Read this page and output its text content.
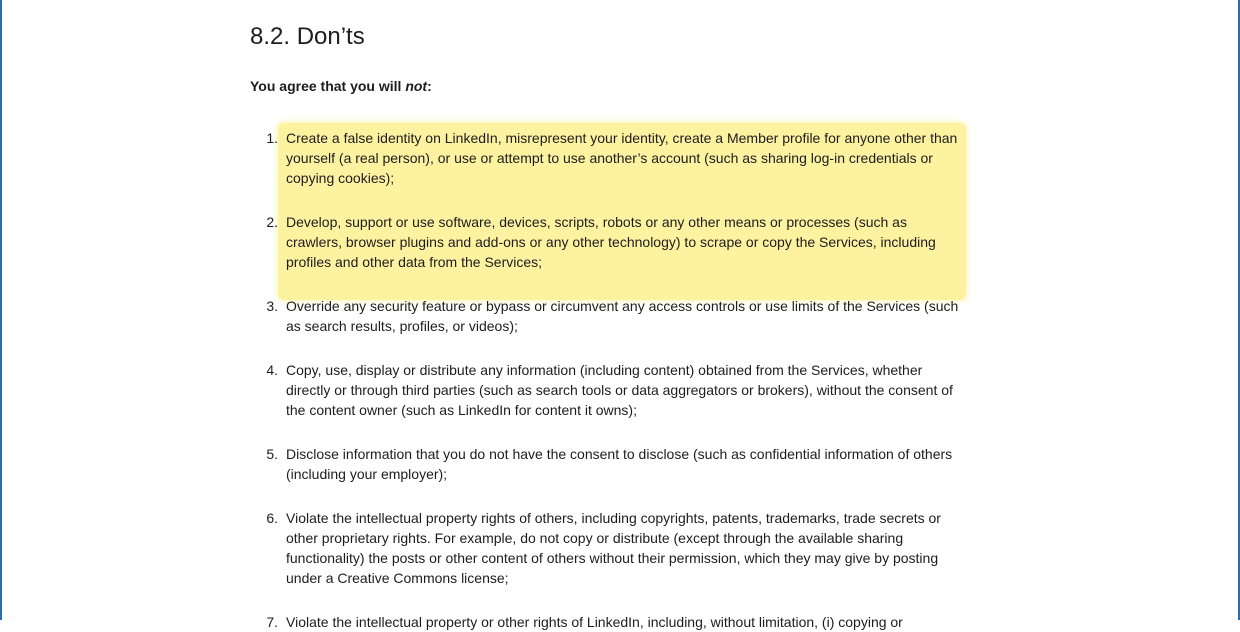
8.2. Don’ts

You agree that you will not:

1. Create a false identity on LinkedIn, misrepresent your identity, create a Member profile for anyone other than yourself (a real person), or use or attempt to use another’s account (such as sharing log-in credentials or copying cookies);

2. Develop, support or use software, devices, scripts, robots or any other means or processes (such as crawlers, browser plugins and add-ons or any other technology) to scrape or copy the Services, including profiles and other data from the Services;

3. Override any security feature or bypass or circumvent any access controls or use limits of the Services (such as search results, profiles, or videos);

4. Copy, use, display or distribute any information (including content) obtained from the Services, whether directly or through third parties (such as search tools or data aggregators or brokers), without the consent of the content owner (such as LinkedIn for content it owns);

5. Disclose information that you do not have the consent to disclose (such as confidential information of others (including your employer);

6. Violate the intellectual property rights of others, including copyrights, patents, trademarks, trade secrets or other proprietary rights. For example, do not copy or distribute (except through the available sharing functionality) the posts or other content of others without their permission, which they may give by posting under a Creative Commons license;

7. Violate the intellectual property or other rights of LinkedIn, including, without limitation, (i) copying or
